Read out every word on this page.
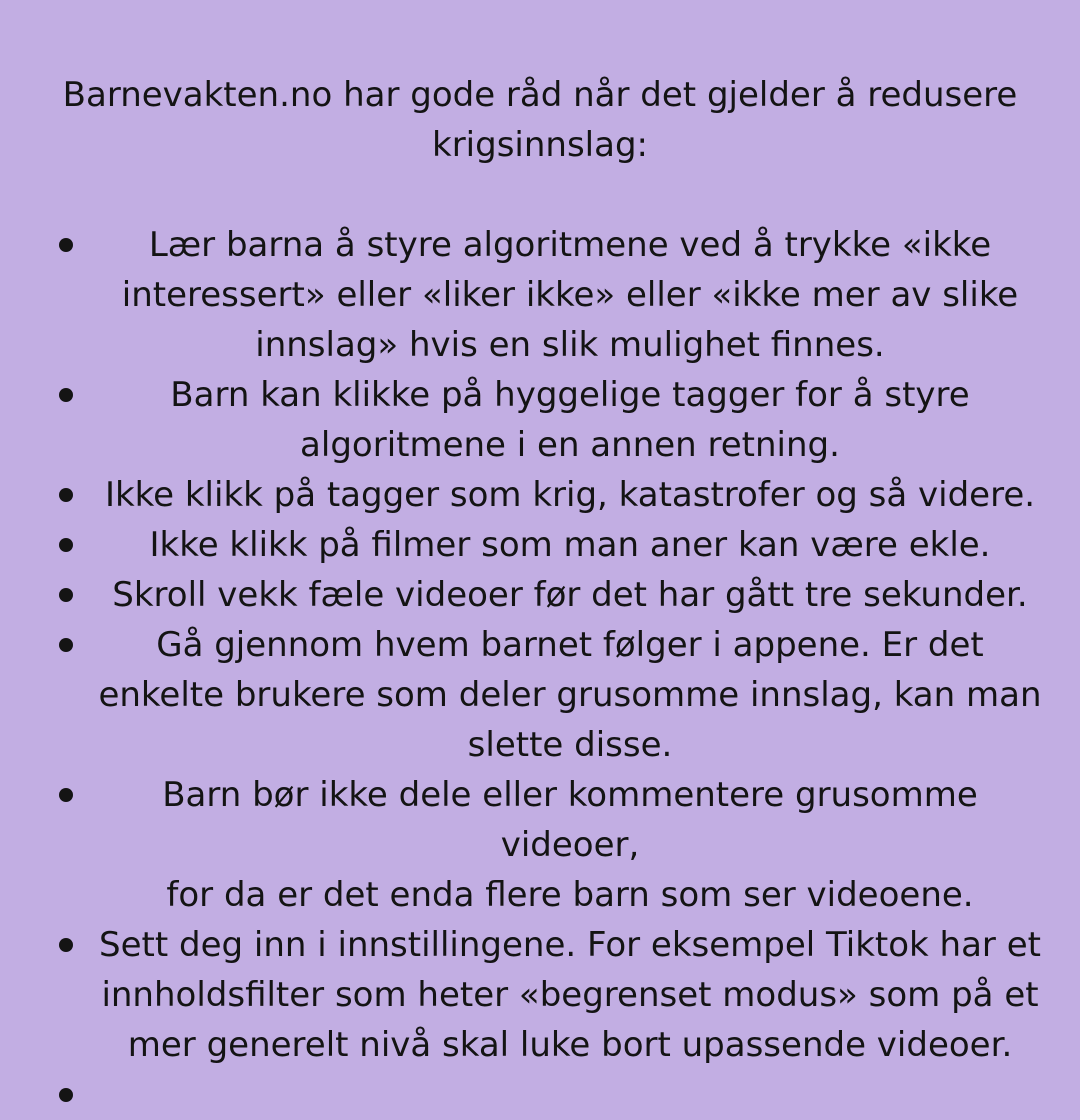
Barnevakten.no har gode råd når det gjelder å redusere
krigsinnslag:
Lær barna å styre algoritmene ved å trykke «ikke
interessert» eller «liker ikke» eller «ikke mer av slike
innslag» hvis en slik mulighet finnes.
Barn kan klikke på hyggelige tagger for å styre
algoritmene i en annen retning.
Ikke klikk på tagger som krig, katastrofer og så videre.
Ikke klikk på filmer som man aner kan være ekle.
Skroll vekk fæle videoer før det har gått tre sekunder.
Gå gjennom hvem barnet følger i appene. Er det
enkelte brukere som deler grusomme innslag, kan man
slette disse.
Barn bør ikke dele eller kommentere grusomme videoer,
for da er det enda flere barn som ser videoene.
Sett deg inn i innstillingene. For eksempel Tiktok har et
innholdsfilter som heter «begrenset modus» som på et
mer generelt nivå skal luke bort upassende videoer.
